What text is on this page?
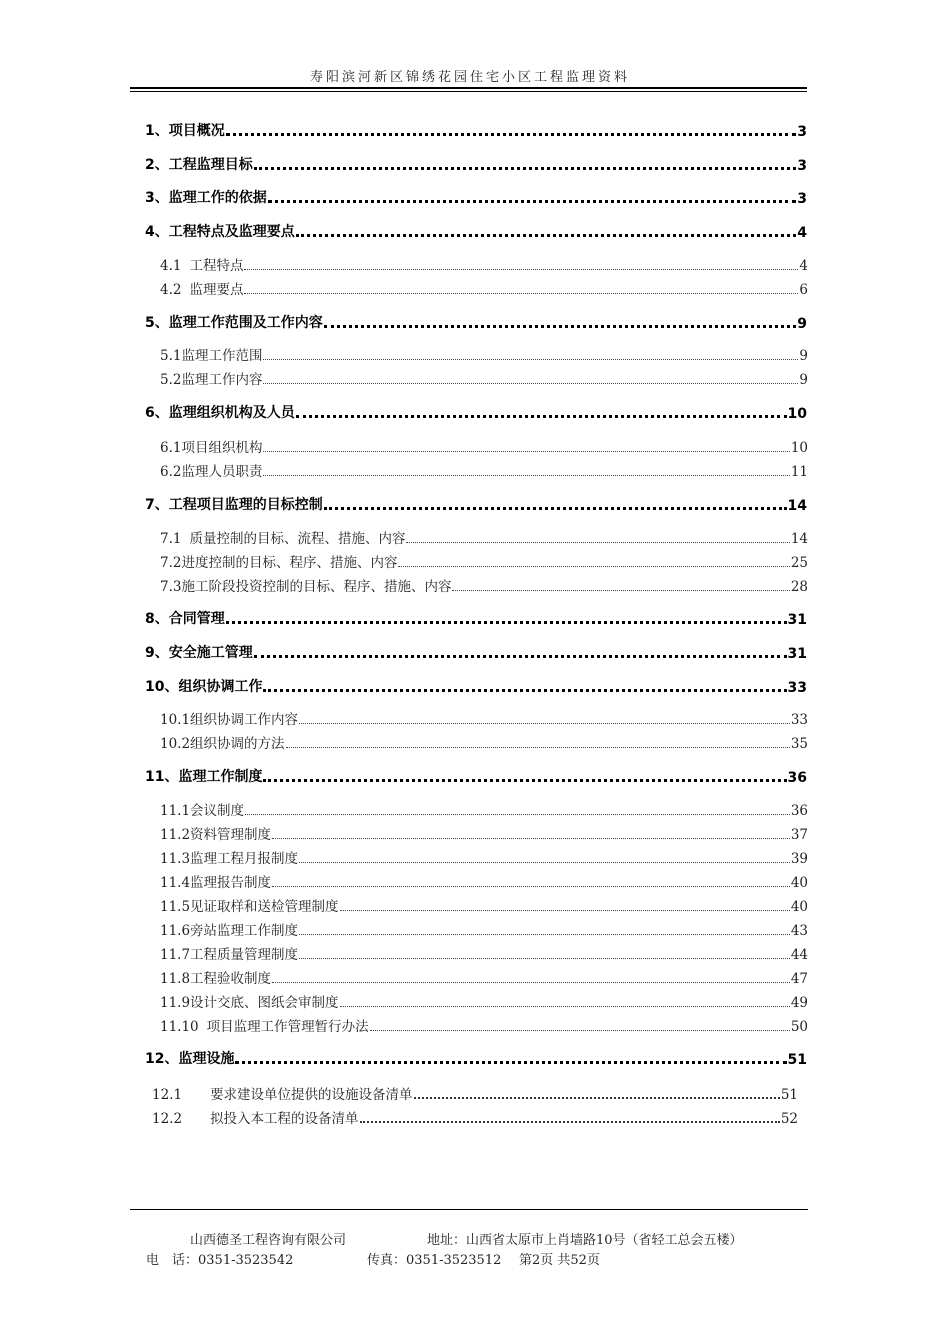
寿阳滨河新区锦绣花园住宅小区工程监理资料
1、项目概况	3
2、工程监理目标	3
3、监理工作的依据	3
4、工程特点及监理要点	4
4.1 工程特点	4
4.2 监理要点	6
5、监理工作范围及工作内容	9
5.1监理工作范围	9
5.2监理工作内容	9
6、监理组织机构及人员	10
6.1项目组织机构	10
6.2监理人员职责	11
7、工程项目监理的目标控制	14
7.1 质量控制的目标、流程、措施、内容	14
7.2进度控制的目标、程序、措施、内容	25
7.3施工阶段投资控制的目标、程序、措施、内容	28
8、合同管理	31
9、安全施工管理	31
10、组织协调工作	33
10.1组织协调工作内容	33
10.2组织协调的方法	35
11、监理工作制度	36
11.1会议制度	36
11.2资料管理制度	37
11.3监理工程月报制度	39
11.4监理报告制度	40
11.5见证取样和送检管理制度	40
11.6旁站监理工作制度	43
11.7工程质量管理制度	44
11.8工程验收制度	47
11.9设计交底、图纸会审制度	49
11.10 项目监理工作管理暂行办法	50
12、监理设施	51
12.1 要求建设单位提供的设施设备清单	51
12.2 拟投入本工程的设备清单	52
山西德圣工程咨询有限公司	地址：山西省太原市上肖墙路10号（省轻工总会五楼）
电　话：0351-3523542	传真：0351-3523512 第2页 共52页
